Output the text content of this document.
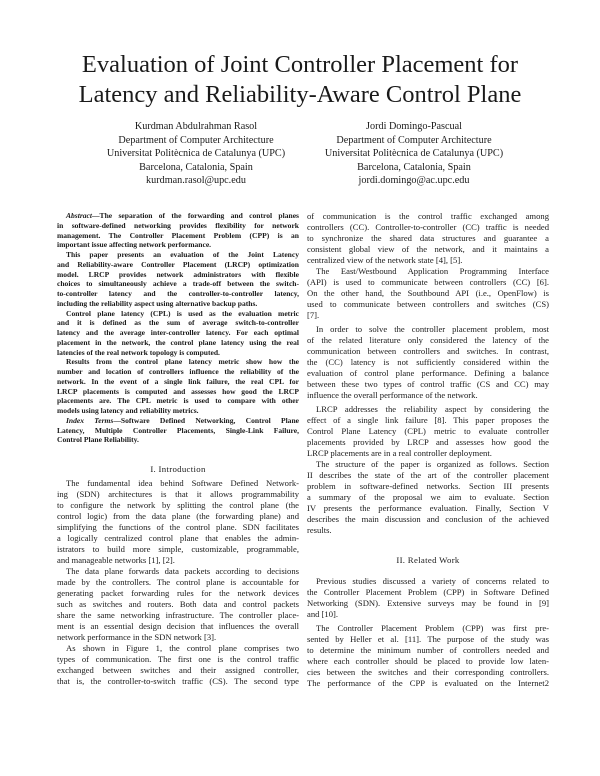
Evaluation of Joint Controller Placement for
Latency and Reliability-Aware Control Plane
Kurdman Abdulrahman Rasol
Department of Computer Architecture
Universitat Politècnica de Catalunya (UPC)
Barcelona, Catalonia, Spain
kurdman.rasol@upc.edu
Jordi Domingo-Pascual
Department of Computer Architecture
Universitat Politècnica de Catalunya (UPC)
Barcelona, Catalonia, Spain
jordi.domingo@ac.upc.edu
Abstract—The separation of the forwarding and control planes
in software-defined networking provides flexibility for network
management. The Controller Placement Problem (CPP) is an
important issue affecting network performance.
This paper presents an evaluation of the Joint Latency
and Reliability-aware Controller Placement (LRCP) optimization
model. LRCP provides network administrators with flexible
choices to simultaneously achieve a trade-off between the switch-
to-controller latency and the controller-to-controller latency,
including the reliability aspect using alternative backup paths.
Control plane latency (CPL) is used as the evaluation metric
and it is defined as the sum of average switch-to-controller
latency and the average inter-controller latency. For each optimal
placement in the network, the control plane latency using the real
latencies of the real network topology is computed.
Results from the control plane latency metric show how the
number and location of controllers influence the reliability of the
network. In the event of a single link failure, the real CPL for
LRCP placements is computed and assesses how good the LRCP
placements are. The CPL metric is used to compare with other
models using latency and reliability metrics.
Index Terms—Software Defined Networking, Control Plane
Latency, Multiple Controller Placements, Single-Link Failure,
Control Plane Reliability.
I. Introduction
The fundamental idea behind Software Defined Network-
ing (SDN) architectures is that it allows programmability
to configure the network by splitting the control plane (the
control logic) from the data plane (the forwarding plane) and
simplifying the functions of the control plane. SDN facilitates
a logically centralized control plane that enables the admin-
istrators to build more simple, customizable, programmable,
and manageable networks [1], [2].
The data plane forwards data packets according to decisions
made by the controllers. The control plane is accountable for
generating packet forwarding rules for the network devices
such as switches and routers. Both data and control packets
share the same networking infrastructure. The controller place-
ment is an essential design decision that influences the overall
network performance in the SDN network [3].
As shown in Figure 1, the control plane comprises two
types of communication. The first one is the control traffic
exchanged between switches and their assigned controller,
that is, the controller-to-switch traffic (CS). The second type
of communication is the control traffic exchanged among
controllers (CC). Controller-to-controller (CC) traffic is needed
to synchronize the shared data structures and guarantee a
consistent global view of the network, and it maintains a
centralized view of the network state [4], [5].
The East/Westbound Application Programming Interface
(API) is used to communicate between controllers (CC) [6].
On the other hand, the Southbound API (i.e., OpenFlow) is
used to communicate between controllers and switches (CS)
[7].
In order to solve the controller placement problem, most
of the related literature only considered the latency of the
communication between controllers and switches. In contrast,
the (CC) latency is not sufficiently considered within the
evaluation of control plane performance. Defining a balance
between these two types of control traffic (CS and CC) may
influence the overall performance of the network.
LRCP addresses the reliability aspect by considering the
effect of a single link failure [8]. This paper proposes the
Control Plane Latency (CPL) metric to evaluate controller
placements provided by LRCP and assesses how good the
LRCP placements are in a real controller deployment.
The structure of the paper is organized as follows. Section
II describes the state of the art of the controller placement
problem in software-defined networks. Section III presents
a summary of the proposal we aim to evaluate. Section
IV presents the performance evaluation. Finally, Section V
describes the main discussion and conclusion of the achieved
results.
II. Related Work
Previous studies discussed a variety of concerns related to
the Controller Placement Problem (CPP) in Software Defined
Networking (SDN). Extensive surveys may be found in [9]
and [10].
The Controller Placement Problem (CPP) was first pre-
sented by Heller et al. [11]. The purpose of the study was
to determine the minimum number of controllers needed and
where each controller should be placed to provide low laten-
cies between the switches and their corresponding controllers.
The performance of the CPP is evaluated on the Internet2
